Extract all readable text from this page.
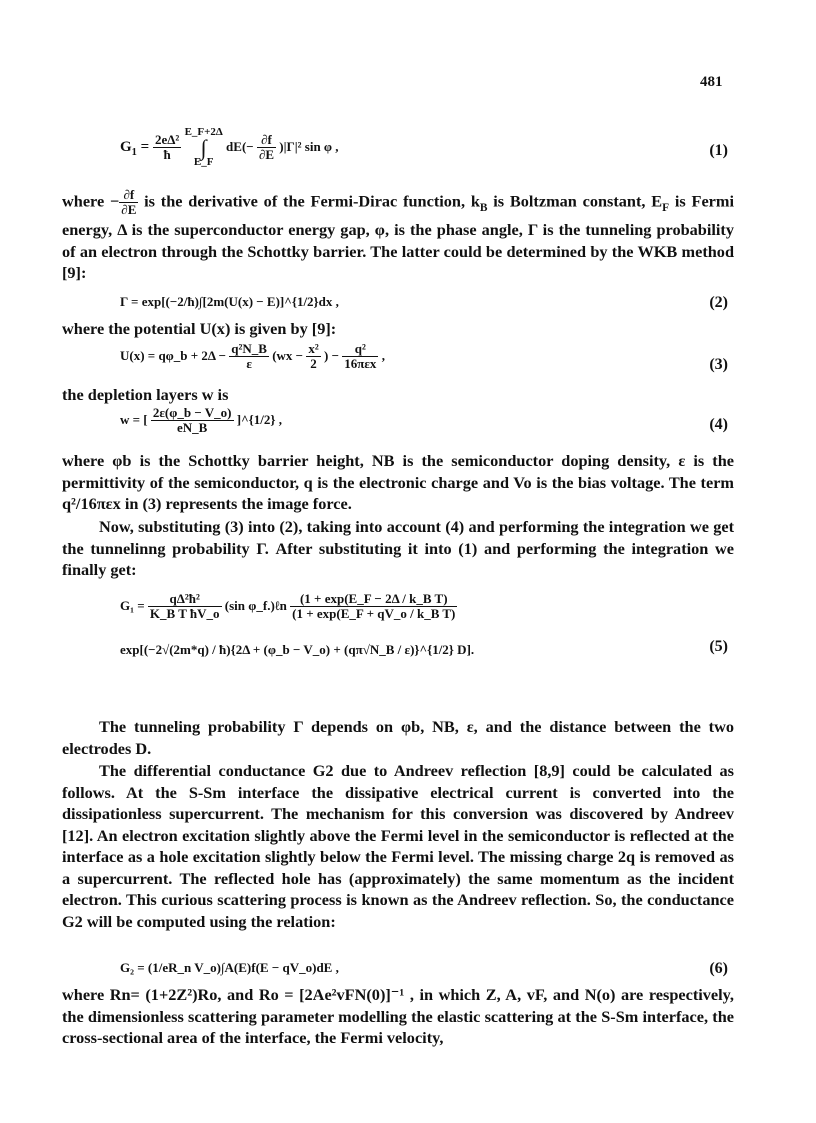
481
$G_1 = \frac{\text{2eΔ²}}{ħ}$
E_F+2Δ
∫
E_F $dE(- \frac{\partial f}{\partial E} )|\Gamma|^2$ sin φ ,	(1)

where − $\frac{\partial f}{\partial E}$ is the derivative of the Fermi-Dirac function, $k_B$ is Boltzman constant, $E_F$ is Fermi energy, Δ is the superconductor energy gap, φ, is the phase angle, Γ is the tunneling probability of an electron through the Schottky barrier. The latter could be determined by the WKB method [9]:

Γ = exp[(−2/ħ)∫[2m(U(x) − E)]^{1/2}dx ,	(2)

where the potential U(x) is given by [9]:

U(x) = qφ_b + $2\Delta - \frac{\text{q²N\_B}}{\varepsilon} (wx - \frac{\text{x²}}{2}$ ) − $\frac{\text{q²}}{\text{16πεx}}$ ,
(3)

the depletion layers w is

w = [ $\frac{2\varepsilon(\varphi\_b - V\_o)}{eN\_B}$ ]^{1/2} ,	(4)

where φb is the Schottky barrier height, NB is the semiconductor doping density, ε is the permittivity of the semiconductor, q is the electronic charge and Vo is the bias voltage. The term q²/16πεx in (3) represents the image force.

Now, substituting (3) into (2), taking into account (4) and performing the integration we get the tunnelinng probability Γ. After substituting it into (1) and performing the integration we finally get:

$G_1 = \frac{\text{qΔ²ħ²}}{\text{K\_B T ħV\_o}} (\sin$ φ_f.)ℓn $\frac{\text{(1 + exp(E\_F − 2Δ / k\_B T)}}{\text{(1 + exp(E\_F + qV\_o / k\_B T)}}$
(5)
exp[(−2√(2m*q) / ħ){2Δ + (φ_b − V_o) + (qπ√N_B / ε)}^{1/2} D].

The tunneling probability Γ depends on φb, NB, ε, and the distance between the two electrodes D.

The differential conductance G2 due to Andreev reflection [8,9] could be calculated as follows. At the S-Sm interface the dissipative electrical current is converted into the dissipationless supercurrent. The mechanism for this conversion was discovered by Andreev [12]. An electron excitation slightly above the Fermi level in the semiconductor is reflected at the interface as a hole excitation slightly below the Fermi level. The missing charge 2q is removed as a supercurrent. The reflected hole has (approximately) the same momentum as the incident electron. This curious scattering process is known as the Andreev reflection. So, the conductance G2 will be computed using the relation:

G₂ = (1/eR_n V_o)∫A(E)f(E − qV_o)dE ,	(6)

where Rn= (1+2Z²)Ro, and Ro = [2Ae²vFN(0)]⁻¹ , in which Z, A, vF, and N(o) are respectively, the dimensionless scattering parameter modelling the elastic scattering at the S-Sm interface, the cross-sectional area of the interface, the Fermi velocity,
